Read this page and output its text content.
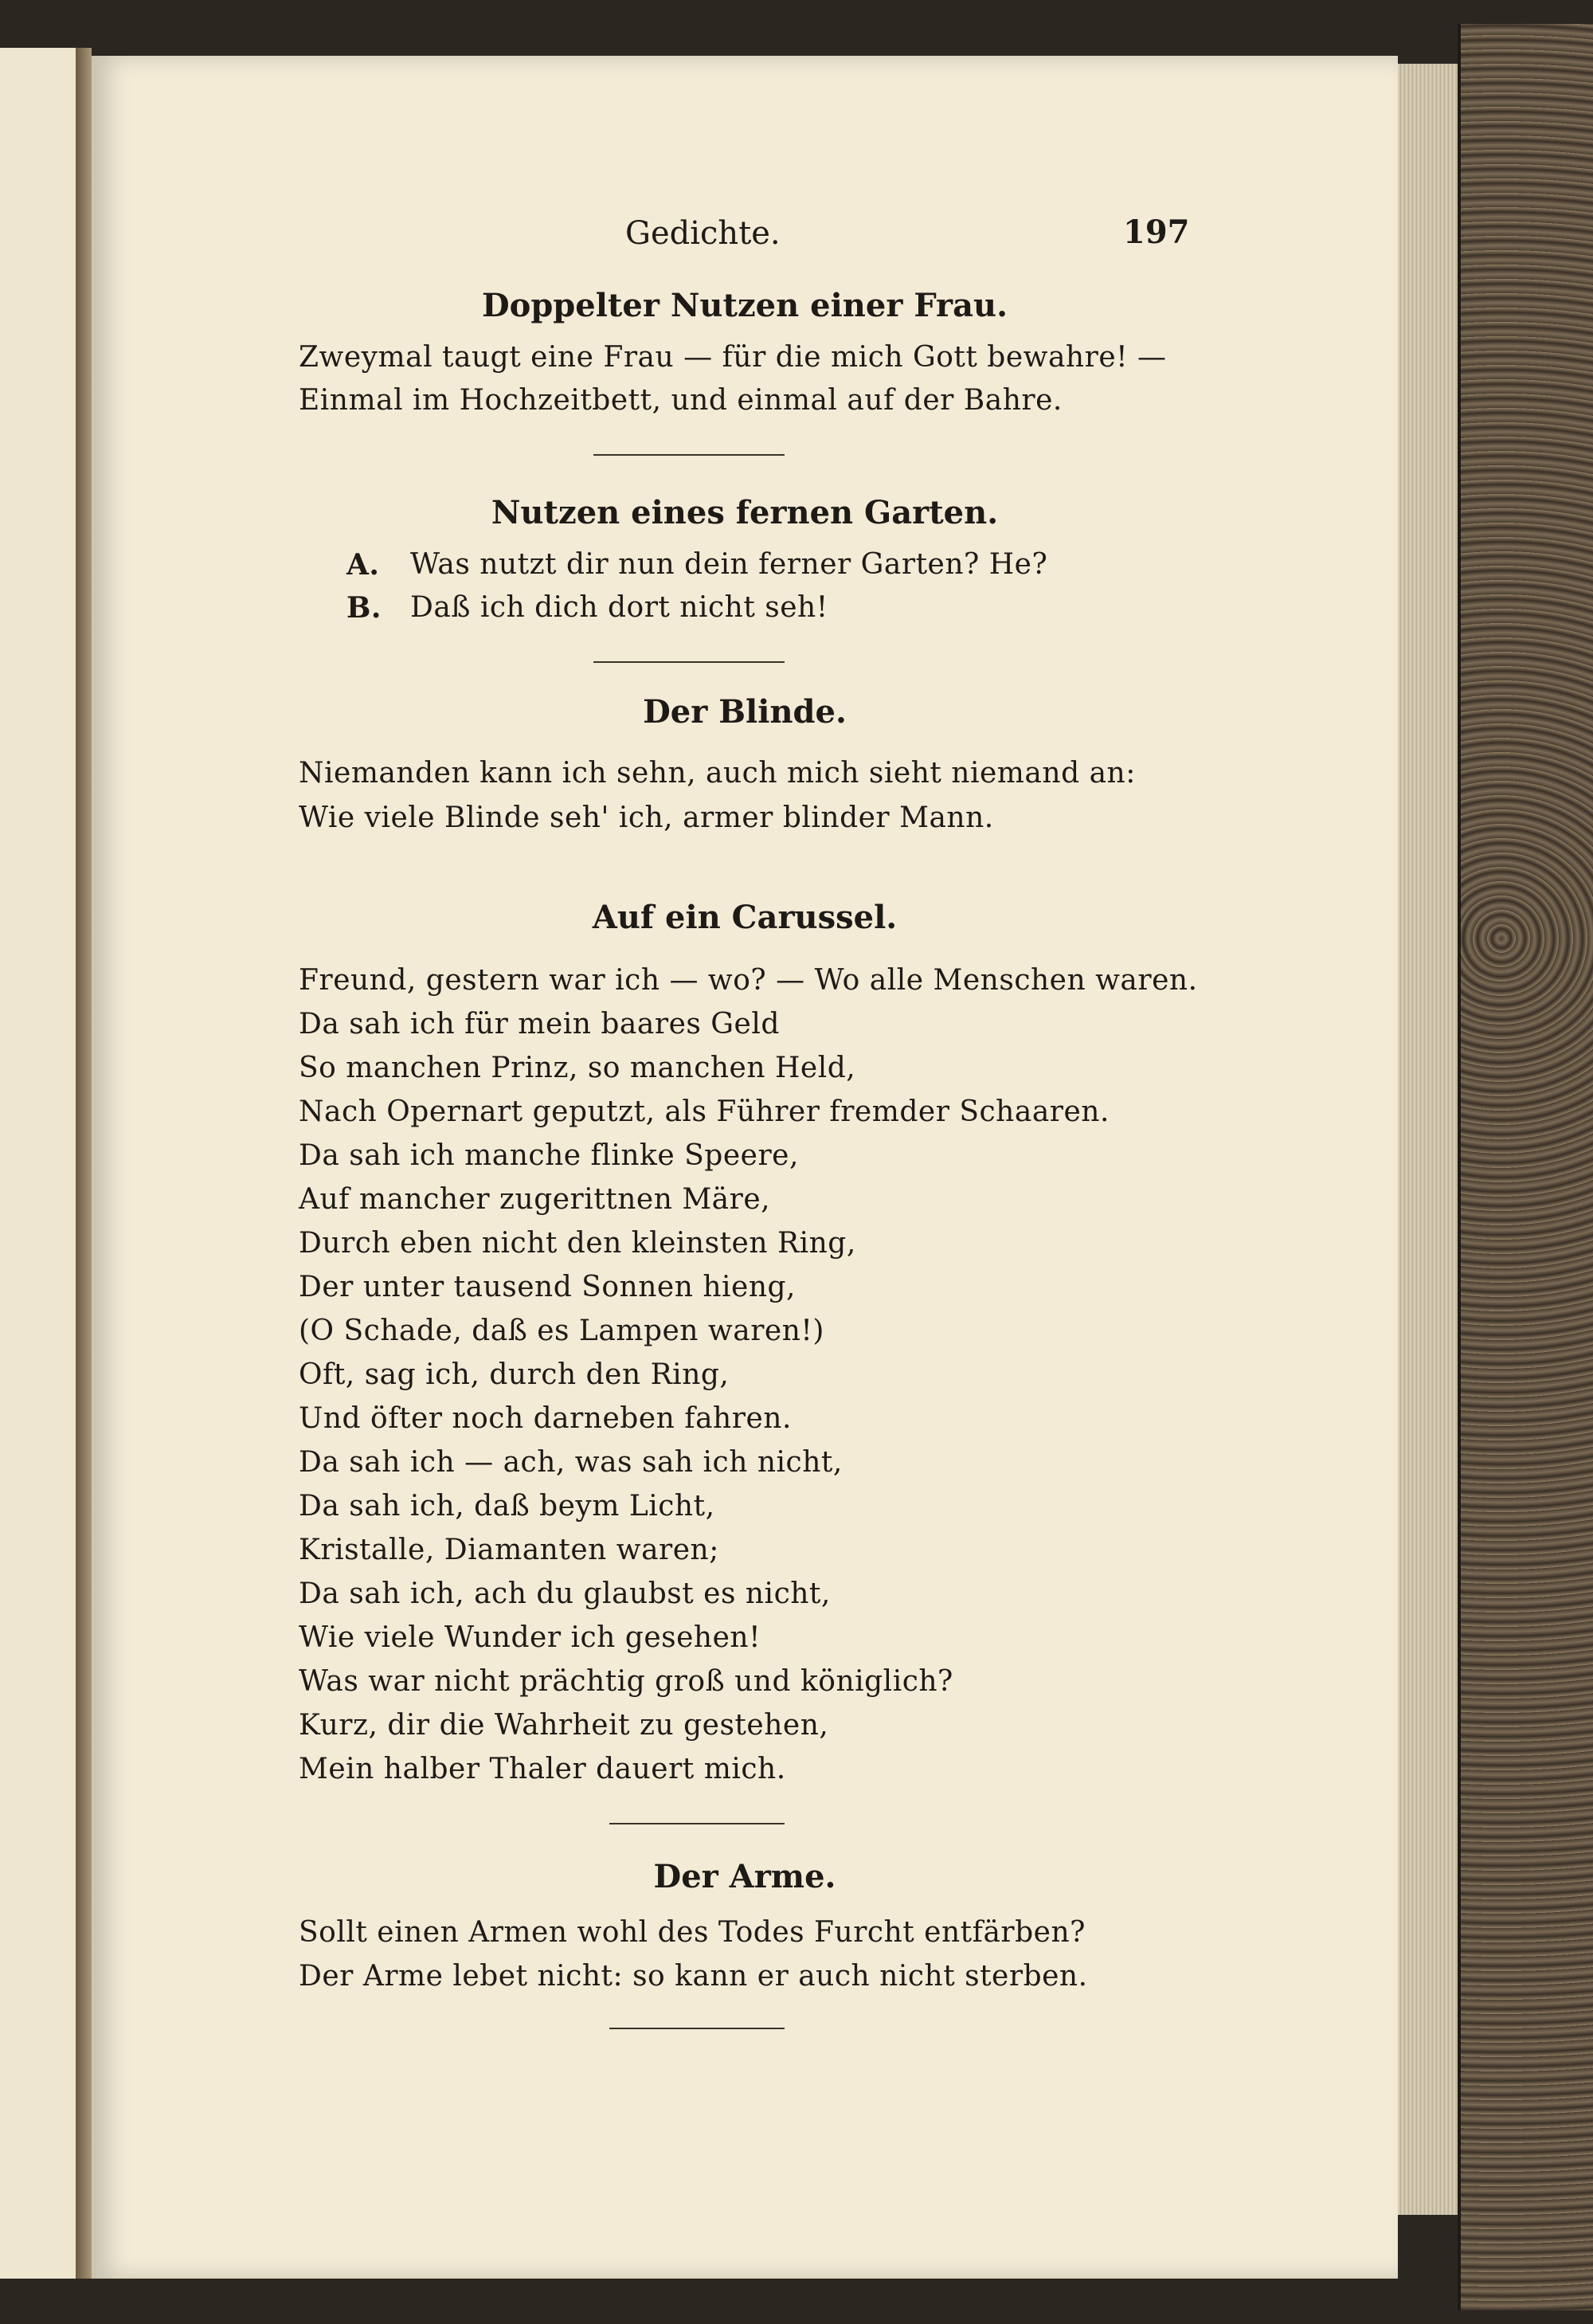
Gedichte.	197
Doppelter Nutzen einer Frau.
Zweymal taugt eine Frau — für die mich Gott bewahre! —
Einmal im Hochzeitbett, und einmal auf der Bahre.
Nutzen eines fernen Garten.
A. Was nutzt dir nun dein ferner Garten? He?
B. Daß ich dich dort nicht seh!
Der Blinde.
Niemanden kann ich sehn, auch mich sieht niemand an:
Wie viele Blinde seh' ich, armer blinder Mann.
Auf ein Carussel.
Freund, gestern war ich — wo? — Wo alle Menschen waren.
Da sah ich für mein baares Geld
So manchen Prinz, so manchen Held,
Nach Opernart geputzt, als Führer fremder Schaaren.
Da sah ich manche flinke Speere,
Auf mancher zugerittnen Märe,
Durch eben nicht den kleinsten Ring,
Der unter tausend Sonnen hieng,
(O Schade, daß es Lampen waren!)
Oft, sag ich, durch den Ring,
Und öfter noch darneben fahren.
Da sah ich — ach, was sah ich nicht,
Da sah ich, daß beym Licht,
Kristalle, Diamanten waren;
Da sah ich, ach du glaubst es nicht,
Wie viele Wunder ich gesehen!
Was war nicht prächtig groß und königlich?
Kurz, dir die Wahrheit zu gestehen,
Mein halber Thaler dauert mich.
Der Arme.
Sollt einen Armen wohl des Todes Furcht entfärben?
Der Arme lebet nicht: so kann er auch nicht sterben.
